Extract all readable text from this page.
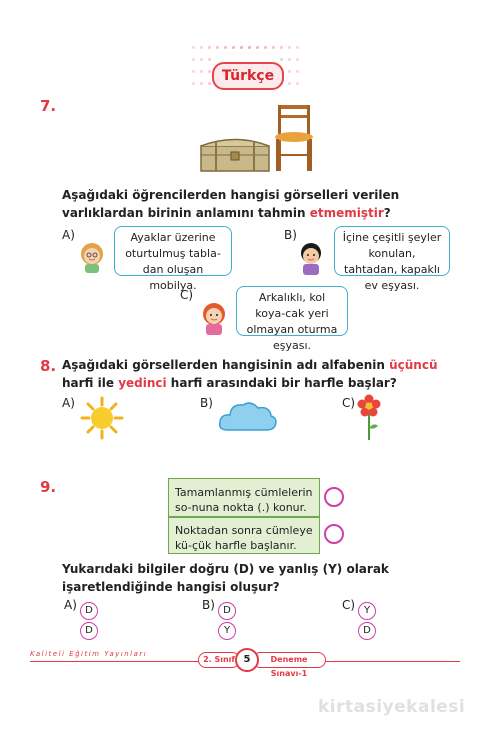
Türkçe
7.
Aşağıdaki öğrencilerden hangisi görselleri verilen varlıklardan birinin anlamını tahmin etmemiştir?
A)	Ayaklar üzerine oturtulmuş tabla-dan oluşan mobilya.
B)	İçine çeşitli şeyler konulan, tahtadan, kapaklı ev eşyası.
C)	Arkalıklı, kol koya-cak yeri olmayan oturma eşyası.
8. Aşağıdaki görsellerden hangisinin adı alfabenin üçüncü harfi ile yedinci harfi arasındaki bir harfle başlar?
A)	B)	C)
9.	Tamamlanmış cümlelerin so-nuna nokta (.) konur.
Noktadan sonra cümleye kü-çük harfle başlanır.
Yukarıdaki bilgiler doğru (D) ve yanlış (Y) olarak işaretlendiğinde hangisi oluşur?
A) D
D
B) D
Y
C) Y
D
Kaliteli Eğitim Yayınları
2. Sınıf	Deneme Sınavı-1
5
kirtasiyekalesi
